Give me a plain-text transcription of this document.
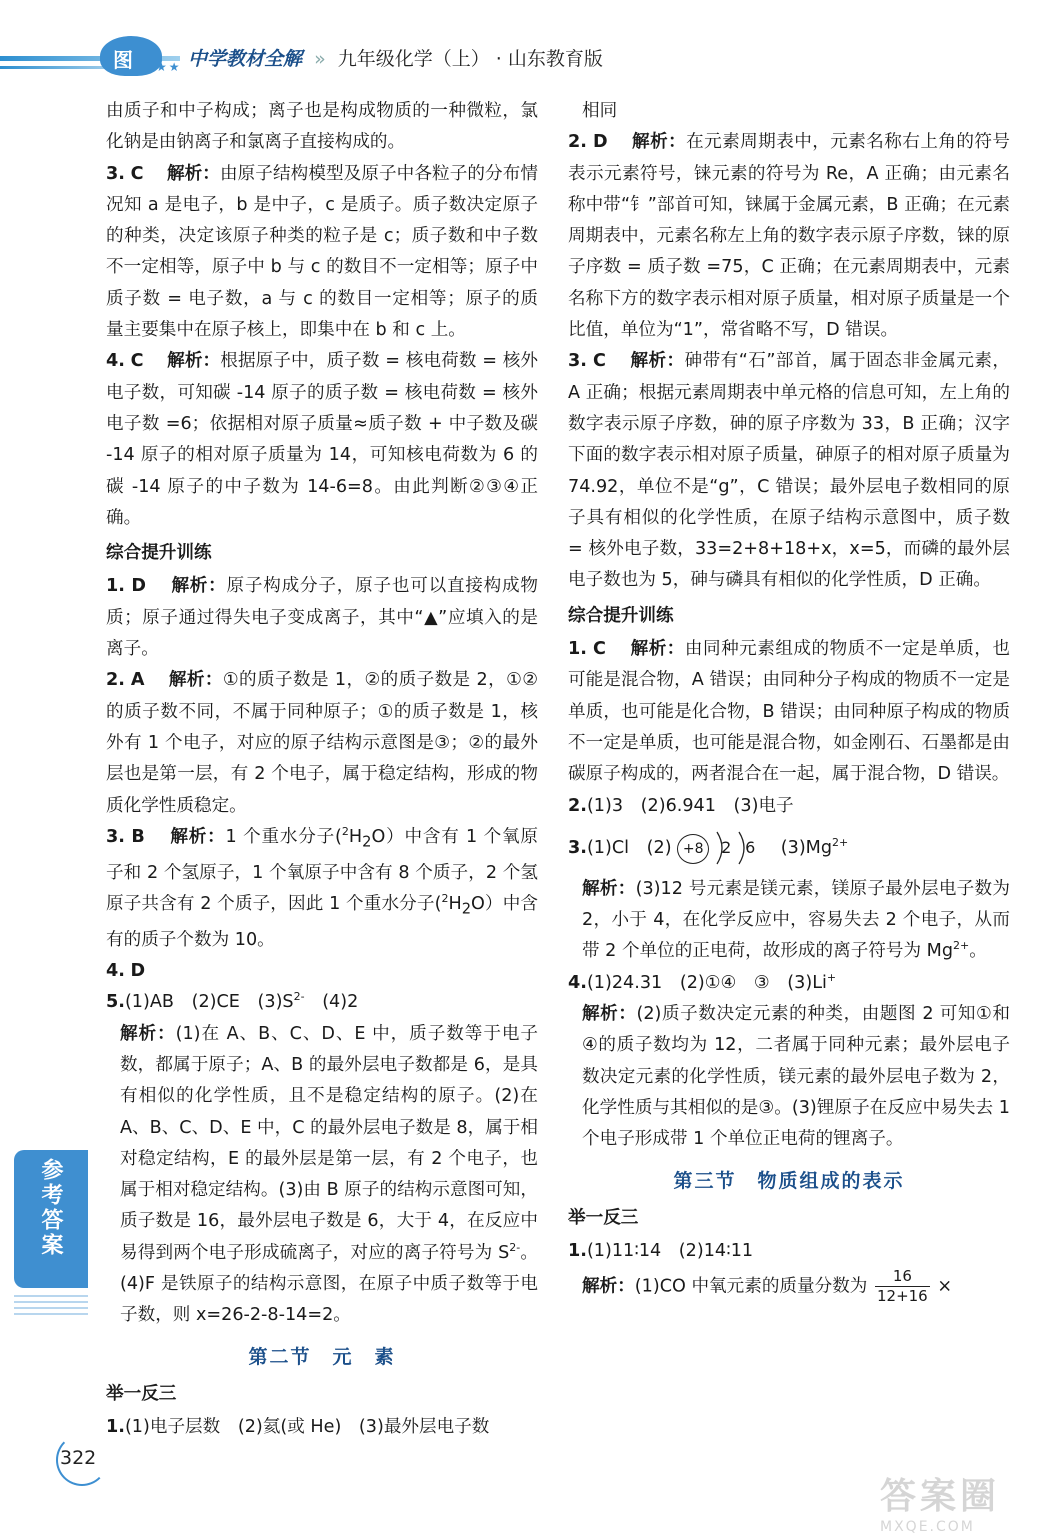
图 ★★ 中学教材全解 » 九年级化学（上） · 山东教育版

由质子和中子构成；离子也是构成物质的一种微粒，氯化钠是由钠离子和氯离子直接构成的。

3. C　 解析：由原子结构模型及原子中各粒子的分布情况知 a 是电子，b 是中子，c 是质子。质子数决定原子的种类，决定该原子种类的粒子是 c；质子数和中子数不一定相等，原子中 b 与 c 的数目不一定相等；原子中质子数 = 电子数，a 与 c 的数目一定相等；原子的质量主要集中在原子核上，即集中在 b 和 c 上。

4. C　 解析：根据原子中，质子数 = 核电荷数 = 核外电子数，可知碳 -14 原子的质子数 = 核电荷数 = 核外电子数 =6；依据相对原子质量≈质子数 + 中子数及碳 -14 原子的相对原子质量为 14，可知核电荷数为 6 的碳 -14 原子的中子数为 14-6=8。由此判断②③④正确。

综合提升训练

1. D　 解析：原子构成分子，原子也可以直接构成物质；原子通过得失电子变成离子，其中“▲”应填入的是离子。

2. A　 解析：①的质子数是 1，②的质子数是 2，①②的质子数不同，不属于同种原子；①的质子数是 1，核外有 1 个电子，对应的原子结构示意图是③；②的最外层也是第一层，有 2 个电子，属于稳定结构，形成的物质化学性质稳定。

3. B　 解析：1 个重水分子$(^2H_2O)$中含有 1 个氧原子和 2 个氢原子，1 个氧原子中含有 8 个质子，2 个氢原子共含有 2 个质子，因此 1 个重水分子$(^2H_2O)$中含有的质子个数为 10。

4. D

5.(1)AB　 (2)CE　 $(3)S^{2-}$　 (4)2

解析：(1)在 A、B、C、D、E 中，质子数等于电子数，都属于原子；A、B 的最外层电子数都是 6，是具有相似的化学性质，且不是稳定结构的原子。(2)在 A、B、C、D、E 中，C 的最外层电子数是 8，属于相对稳定结构，E 的最外层是第一层，有 2 个电子，也属于相对稳定结构。(3)由 B 原子的结构示意图可知，质子数是 16，最外层电子数是 6，大于 4，在反应中易得到两个电子形成硫离子，对应的离子符号为 $S^{2-}$。(4)F 是铁原子的结构示意图，在原子中质子数等于电子数，则 x=26-2-8-14=2。

第二节　元　素

举一反三

1.(1)电子层数　(2)氦(或 He)　(3)最外层电子数

相同

2. D　 解析：在元素周期表中，元素名称右上角的符号表示元素符号，铼元素的符号为 Re，A 正确；由元素名称中带“钅”部首可知，铼属于金属元素，B 正确；在元素周期表中，元素名称左上角的数字表示原子序数，铼的原子序数 = 质子数 =75，C 正确；在元素周期表中，元素名称下方的数字表示相对原子质量，相对原子质量是一个比值，单位为“1”，常省略不写，D 错误。

3. C　 解析：砷带有“石”部首，属于固态非金属元素，A 正确；根据元素周期表中单元格的信息可知，左上角的数字表示原子序数，砷的原子序数为 33，B 正确；汉字下面的数字表示相对原子质量，砷原子的相对原子质量为 74.92，单位不是“g”，C 错误；最外层电子数相同的原子具有相似的化学性质，在原子结构示意图中，质子数 = 核外电子数，33=2+8+18+x，x=5，而磷的最外层电子数也为 5，砷与磷具有相似的化学性质，D 正确。

综合提升训练

1. C　 解析：由同种元素组成的物质不一定是单质，也可能是混合物，A 错误；由同种分子构成的物质不一定是单质，也可能是化合物，B 错误；由同种原子构成的物质不一定是单质，也可能是混合物，如金刚石、石墨都是由碳原子构成的，两者混合在一起，属于混合物，D 错误。

2.(1)3　(2)6.941　(3)电子

3.(1)Cl　 (2) +8	2 6 $(3)Mg^{2+}$

解析：(3)12 号元素是镁元素，镁原子最外层电子数为 2，小于 4，在化学反应中，容易失去 2 个电子，从而带 2 个单位的正电荷，故形成的离子符号为 $Mg^{2+}$。

4.(1)24.31　 (2)①④　③　 (3)Li+

解析：(2)质子数决定元素的种类，由题图 2 可知①和④的质子数均为 12，二者属于同种元素；最外层电子数决定元素的化学性质，镁元素的最外层电子数为 2，化学性质与其相似的是③。(3)锂原子在反应中易失去 1 个电子形成带 1 个单位正电荷的锂离子。

第三节　物质组成的表示

举一反三

1.(1)11∶14　(2)14∶11

解析：(1)CO 中氧元素的质量分数为 $\frac{16}{12+16}$ ×

参考答案
322
答案圈
MXQE.COM
